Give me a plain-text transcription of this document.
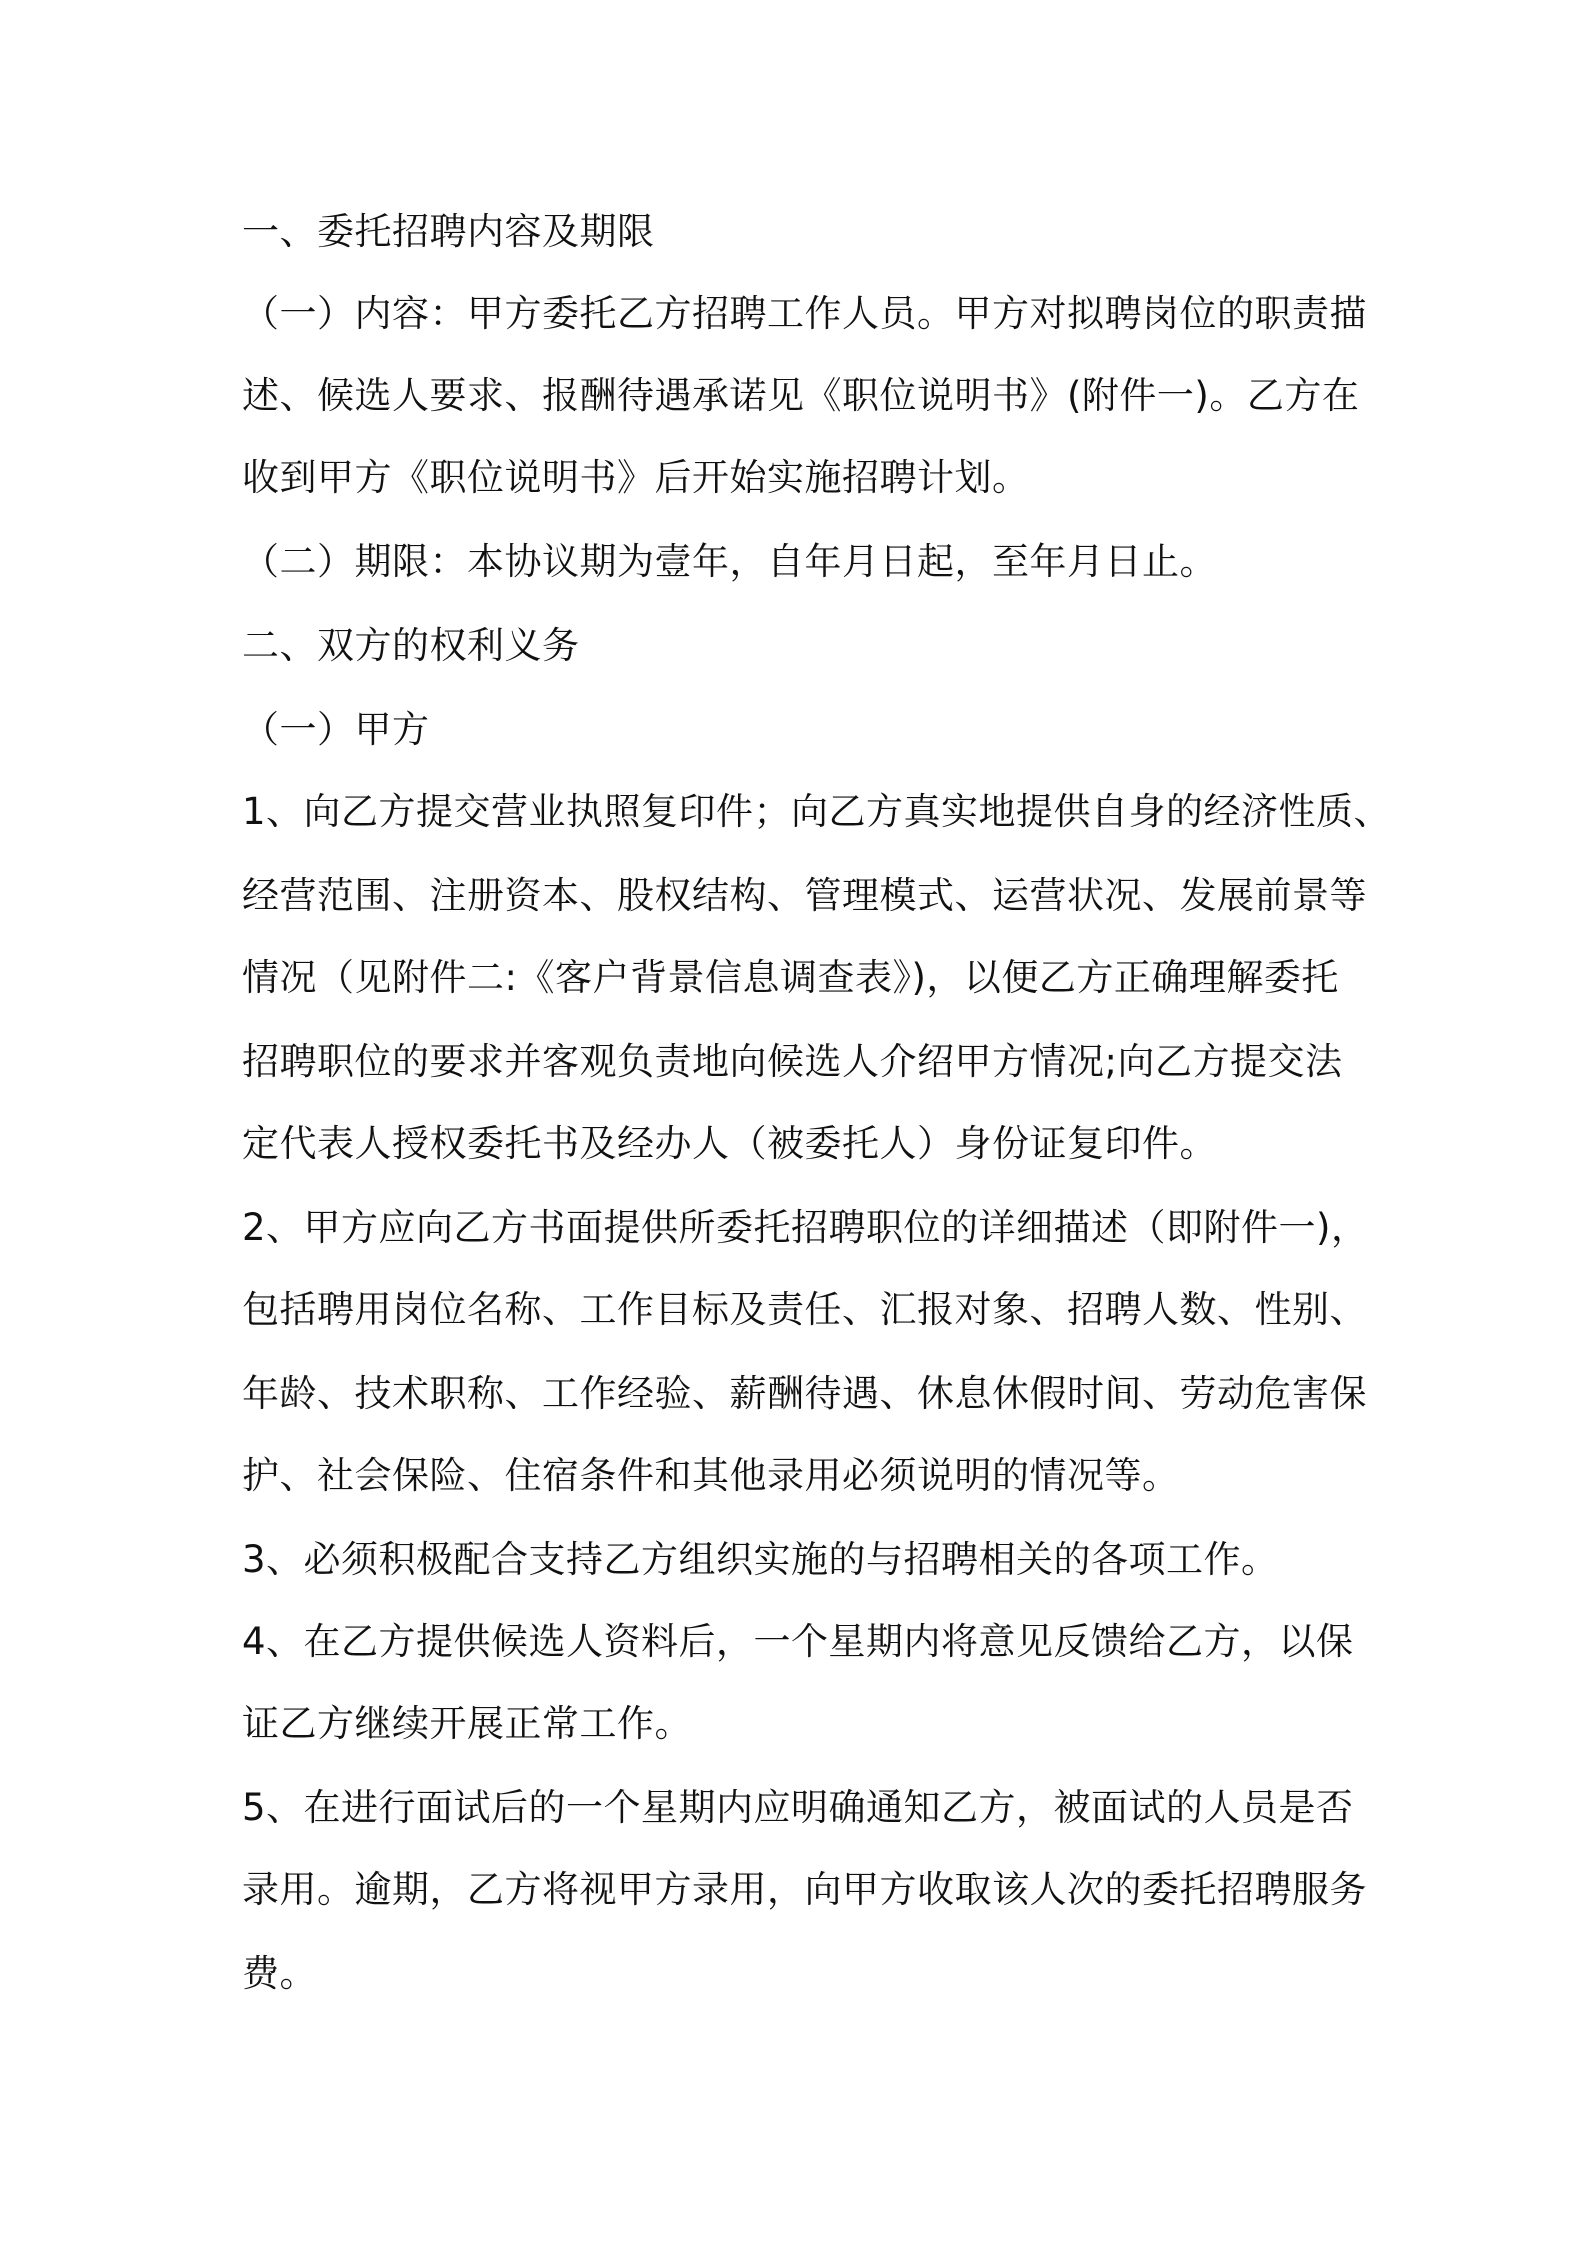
一、委托招聘内容及期限
（一）内容：甲方委托乙方招聘工作人员。甲方对拟聘岗位的职责描
述、候选人要求、报酬待遇承诺见《职位说明书》(附件一)。乙方在
收到甲方《职位说明书》后开始实施招聘计划。
（二）期限：本协议期为壹年，自年月日起，至年月日止。
二、双方的权利义务
（一）甲方
1、向乙方提交营业执照复印件；向乙方真实地提供自身的经济性质、
经营范围、注册资本、股权结构、管理模式、运营状况、发展前景等
情况（见附件二:《客户背景信息调查表》)，以便乙方正确理解委托
招聘职位的要求并客观负责地向候选人介绍甲方情况;向乙方提交法
定代表人授权委托书及经办人（被委托人）身份证复印件。
2、甲方应向乙方书面提供所委托招聘职位的详细描述（即附件一)，
包括聘用岗位名称、工作目标及责任、汇报对象、招聘人数、性别、
年龄、技术职称、工作经验、薪酬待遇、休息休假时间、劳动危害保
护、社会保险、住宿条件和其他录用必须说明的情况等。
3、必须积极配合支持乙方组织实施的与招聘相关的各项工作。
4、在乙方提供候选人资料后，一个星期内将意见反馈给乙方，以保
证乙方继续开展正常工作。
5、在进行面试后的一个星期内应明确通知乙方，被面试的人员是否
录用。逾期，乙方将视甲方录用，向甲方收取该人次的委托招聘服务
费。
